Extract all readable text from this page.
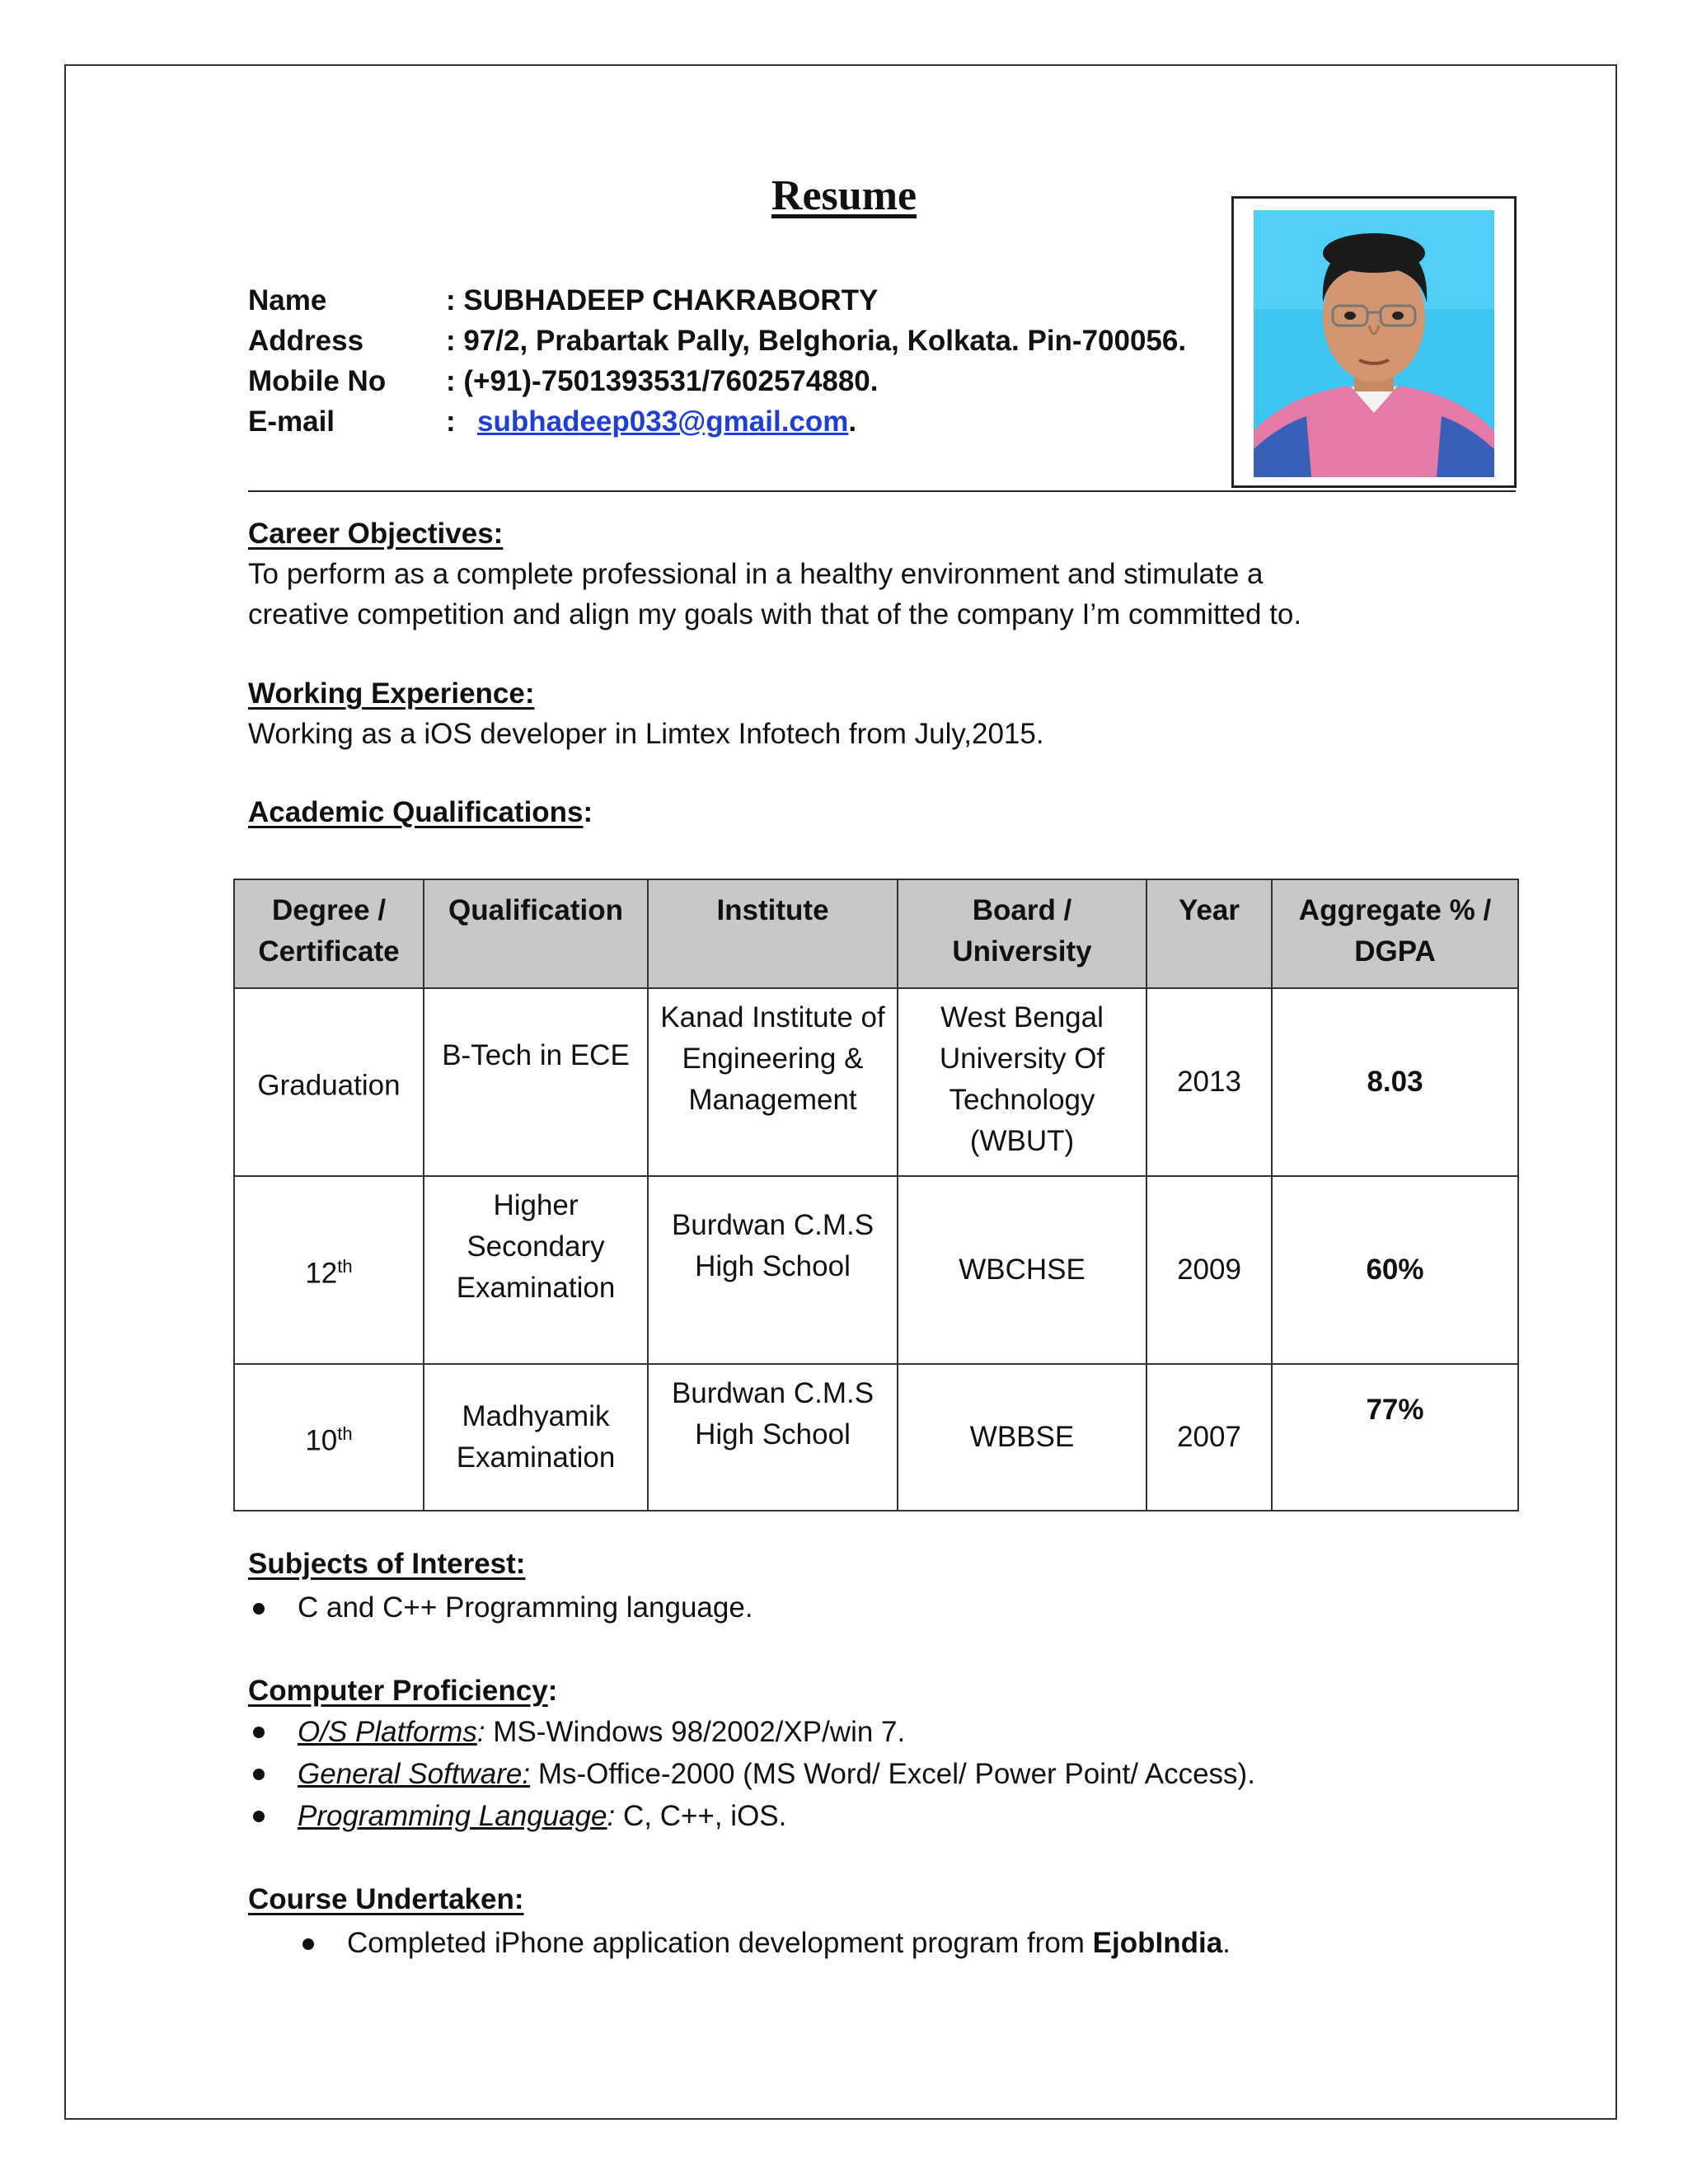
Resume
Name	: SUBHADEEP CHAKRABORTY
Address	: 97/2, Prabartak Pally, Belghoria, Kolkata. Pin-700056.
Mobile No	: (+91)-7501393531/7602574880.
E-mail	: subhadeep033@gmail.com .
Career Objectives:
To perform as a complete professional in a healthy environment and stimulate a
creative competition and align my goals with that of the company I’m committed to.
Working Experience:
Working as a iOS developer in Limtex Infotech from July,2015.
Academic Qualifications:
Degree / Certificate	Qualification	Institute	Board / University	Year	Aggregate % / DGPA
Graduation	B-Tech in ECE	Kanad Institute of Engineering & Management	West Bengal University Of Technology (WBUT)	2013	8.03
12th	Higher Secondary Examination	Burdwan C.M.S High School	WBCHSE	2009	60%
10th	Madhyamik Examination	Burdwan C.M.S High School	WBBSE	2007	77%
Subjects of Interest:
C and C++ Programming language.
Computer Proficiency:
O/S Platforms: MS-Windows 98/2002/XP/win 7.
General Software: Ms-Office-2000 (MS Word/ Excel/ Power Point/ Access).
Programming Language: C, C++, iOS.
Course Undertaken:
Completed iPhone application development program from EjobIndia.
